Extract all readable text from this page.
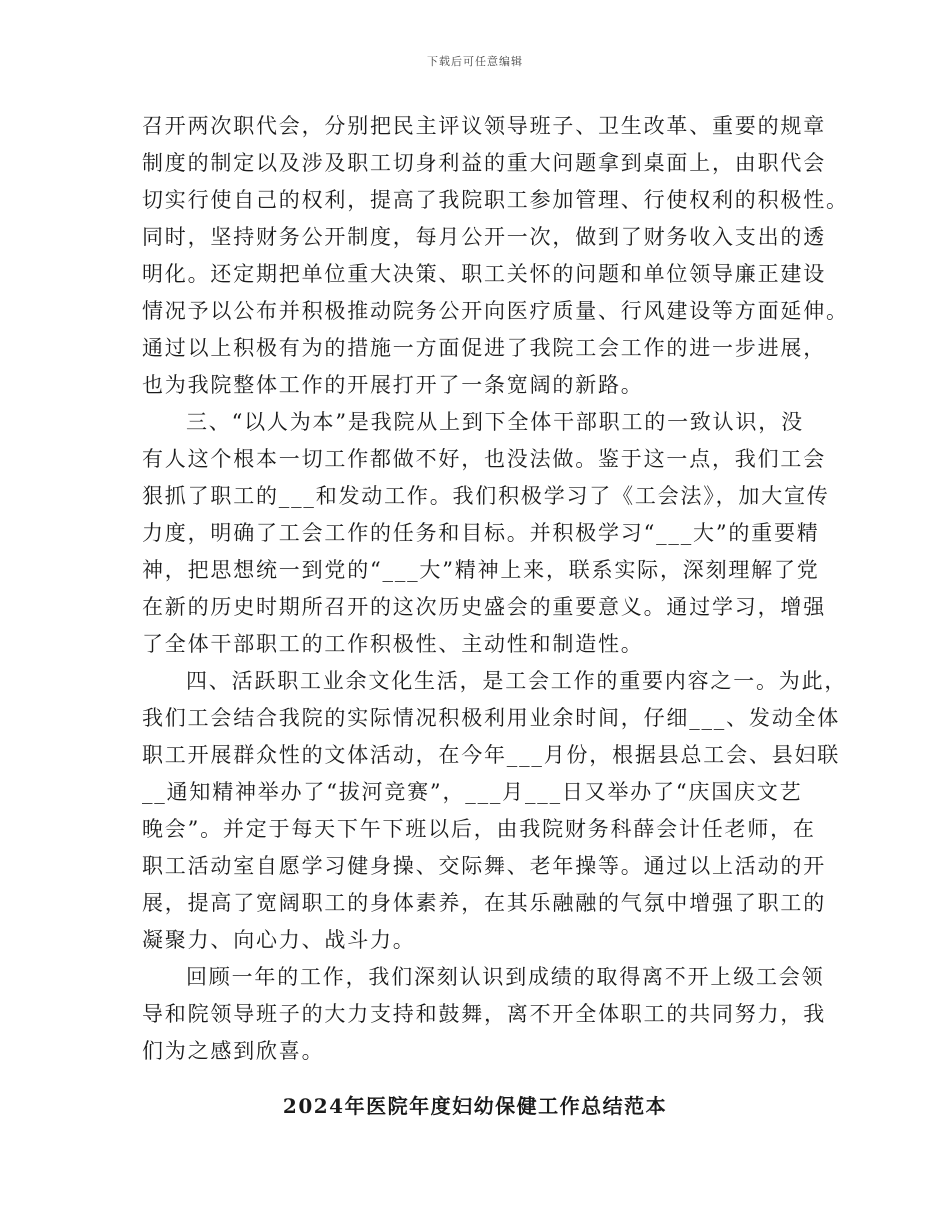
下载后可任意编辑
召开两次职代会，分别把民主评议领导班子、卫生改革、重要的规章
制度的制定以及涉及职工切身利益的重大问题拿到桌面上，由职代会
切实行使自己的权利，提高了我院职工参加管理、行使权利的积极性。
同时，坚持财务公开制度，每月公开一次，做到了财务收入支出的透
明化。还定期把单位重大决策、职工关怀的问题和单位领导廉正建设
情况予以公布并积极推动院务公开向医疗质量、行风建设等方面延伸。
通过以上积极有为的措施一方面促进了我院工会工作的进一步进展，
也为我院整体工作的开展打开了一条宽阔的新路。
三、“以人为本”是我院从上到下全体干部职工的一致认识，没
有人这个根本一切工作都做不好，也没法做。鉴于这一点，我们工会
狠抓了职工的___和发动工作。我们积极学习了《工会法》，加大宣传
力度，明确了工会工作的任务和目标。并积极学习“___大”的重要精
神，把思想统一到党的“___大”精神上来，联系实际，深刻理解了党
在新的历史时期所召开的这次历史盛会的重要意义。通过学习，增强
了全体干部职工的工作积极性、主动性和制造性。
四、活跃职工业余文化生活，是工会工作的重要内容之一。为此，
我们工会结合我院的实际情况积极利用业余时间，仔细___、发动全体
职工开展群众性的文体活动，在今年___月份，根据县总工会、县妇联
__通知精神举办了“拔河竞赛”，___月___日又举办了“庆国庆文艺
晚会”。并定于每天下午下班以后，由我院财务科薛会计任老师，在
职工活动室自愿学习健身操、交际舞、老年操等。通过以上活动的开
展，提高了宽阔职工的身体素养，在其乐融融的气氛中增强了职工的
凝聚力、向心力、战斗力。
回顾一年的工作，我们深刻认识到成绩的取得离不开上级工会领
导和院领导班子的大力支持和鼓舞，离不开全体职工的共同努力，我
们为之感到欣喜。
2024年医院年度妇幼保健工作总结范本
